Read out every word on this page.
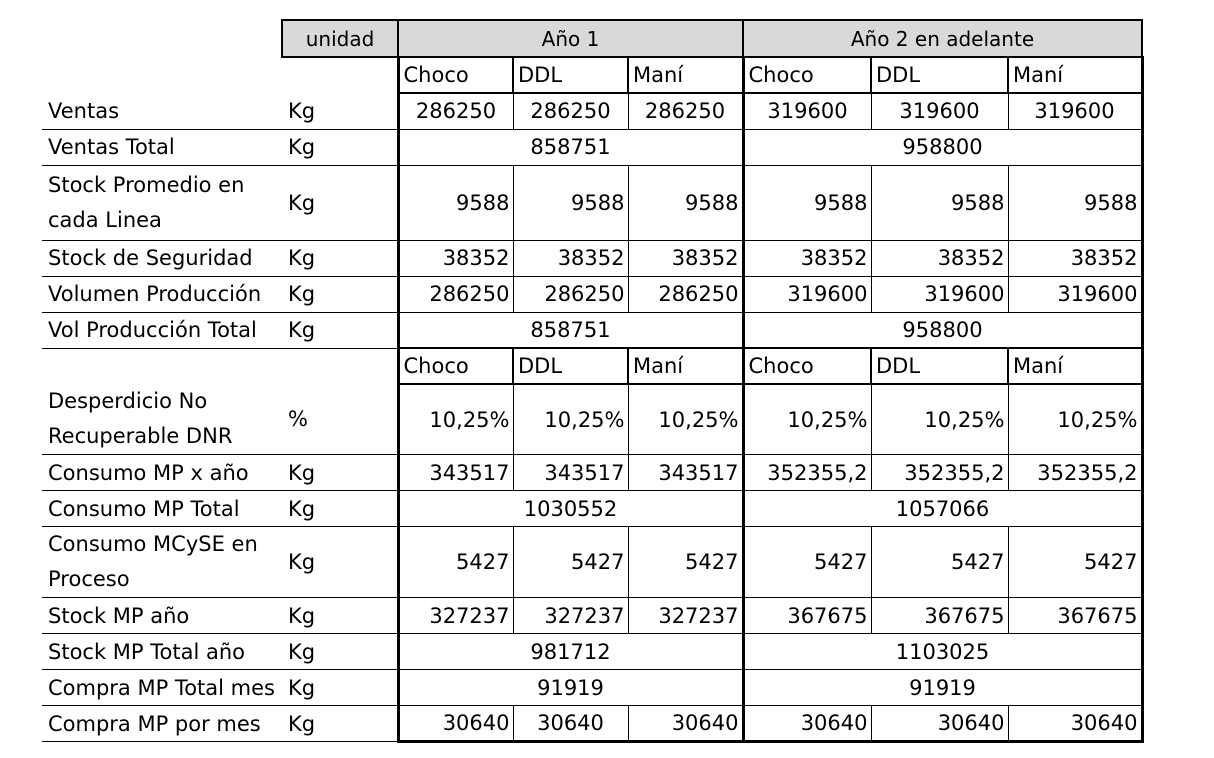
	unidad	Año 1			Año 2 en adelante		
		Choco	DDL	Maní	Choco	DDL	Maní
Ventas	Kg	286250	286250	286250	319600	319600	319600
Ventas Total	Kg	858751			958800		
Stock Promedio en cada Linea	Kg	9588	9588	9588	9588	9588	9588
Stock de Seguridad	Kg	38352	38352	38352	38352	38352	38352
Volumen Producción	Kg	286250	286250	286250	319600	319600	319600
Vol Producción Total	Kg	858751			958800		
		Choco	DDL	Maní	Choco	DDL	Maní
Desperdicio No Recuperable DNR	%	10,25%	10,25%	10,25%	10,25%	10,25%	10,25%
Consumo MP x año	Kg	343517	343517	343517	352355,2	352355,2	352355,2
Consumo MP Total	Kg	1030552			1057066		
Consumo MCySE en Proceso	Kg	5427	5427	5427	5427	5427	5427
Stock MP año	Kg	327237	327237	327237	367675	367675	367675
Stock MP Total año	Kg	981712			1103025		
Compra MP Total mes	Kg	91919			91919		
Compra MP por mes	Kg	30640	30640	30640	30640	30640	30640
